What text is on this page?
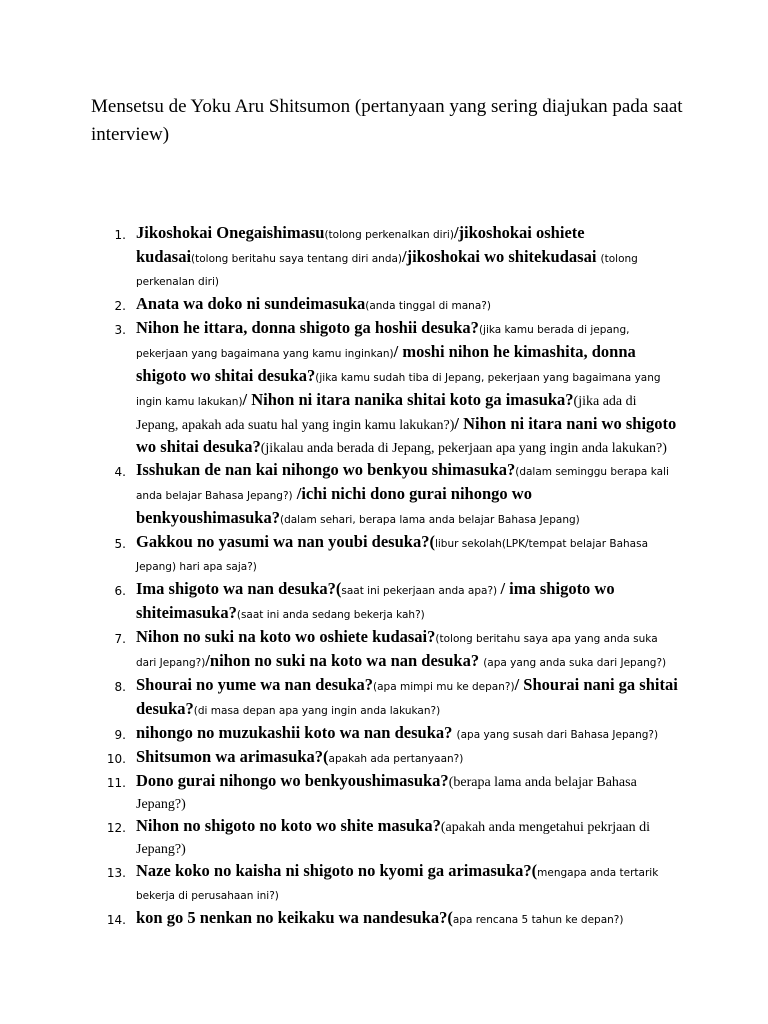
Mensetsu de Yoku Aru Shitsumon (pertanyaan yang sering diajukan pada saat interview)
1. Jikoshokai Onegaishimasu(tolong perkenalkan diri)/jikoshokai oshiete kudasai(tolong beritahu saya tentang diri anda)/jikoshokai wo shitekudasai (tolong perkenalan diri)
2. Anata wa doko ni sundeimasuka(anda tinggal di mana?)
3. Nihon he ittara, donna shigoto ga hoshii desuka?(jika kamu berada di jepang, pekerjaan yang bagaimana yang kamu inginkan)/ moshi nihon he kimashita, donna shigoto wo shitai desuka?(jika kamu sudah tiba di Jepang, pekerjaan yang bagaimana yang ingin kamu lakukan)/ Nihon ni itara nanika shitai koto ga imasuka?(jika ada di Jepang, apakah ada suatu hal yang ingin kamu lakukan?)/ Nihon ni itara nani wo shigoto wo shitai desuka?(jikalau anda berada di Jepang, pekerjaan apa yang ingin anda lakukan?)
4. Isshukan de nan kai nihongo wo benkyou shimasuka?(dalam seminggu berapa kali anda belajar Bahasa Jepang?) /ichi nichi dono gurai nihongo wo benkyoushimasuka?(dalam sehari, berapa lama anda belajar Bahasa Jepang)
5. Gakkou no yasumi wa nan youbi desuka?(libur sekolah(LPK/tempat belajar Bahasa Jepang) hari apa saja?)
6. Ima shigoto wa nan desuka?(saat ini pekerjaan anda apa?) / ima shigoto wo shiteimasuka?(saat ini anda sedang bekerja kah?)
7. Nihon no suki na koto wo oshiete kudasai?(tolong beritahu saya apa yang anda suka dari Jepang?)/nihon no suki na koto wa nan desuka? (apa yang anda suka dari Jepang?)
8. Shourai no yume wa nan desuka?(apa mimpi mu ke depan?)/ Shourai nani ga shitai desuka?(di masa depan apa yang ingin anda lakukan?)
9. nihongo no muzukashii koto wa nan desuka? (apa yang susah dari Bahasa Jepang?)
10. Shitsumon wa arimasuka?(apakah ada pertanyaan?)
11. Dono gurai nihongo wo benkyoushimasuka?(berapa lama anda belajar Bahasa Jepang?)
12. Nihon no shigoto no koto wo shite masuka?(apakah anda mengetahui pekrjaan di Jepang?)
13. Naze koko no kaisha ni shigoto no kyomi ga arimasuka?(mengapa anda tertarik bekerja di perusahaan ini?)
14. kon go 5 nenkan no keikaku wa nandesuka?(apa rencana 5 tahun ke depan?)
